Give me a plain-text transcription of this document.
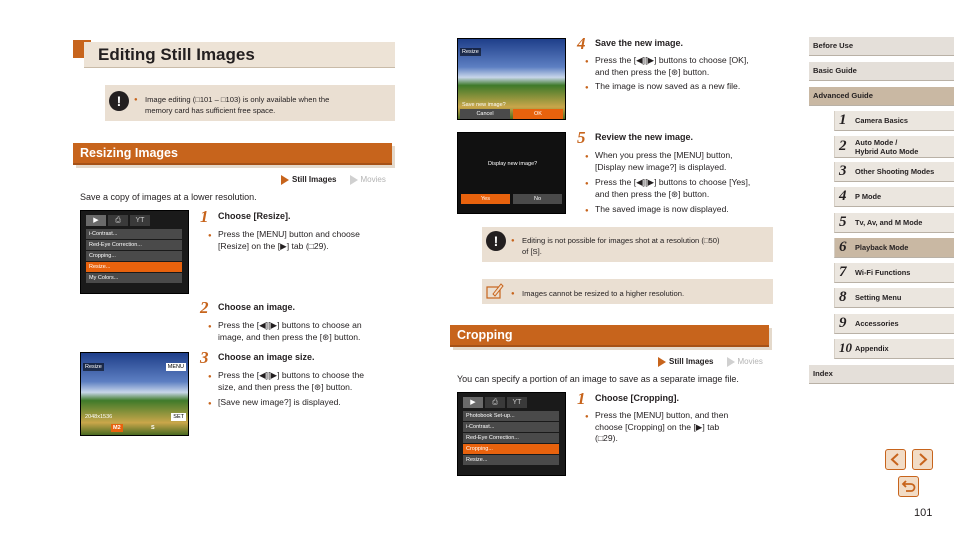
Editing Still Images
!	● Image editing (□101 – □103) is only available when the
memory card has sufficient free space.
Resizing Images
Still Images	Movies
Save a copy of images at a lower resolution.
▶	⎙	YT
i-Contrast...
Red-Eye Correction...
Cropping...
Resize...
My Colors...
1 Choose [Resize].
● Press the [MENU] button and choose
[Resize] on the [▶] tab (□29).
2 Choose an image.
● Press the [◀][▶] buttons to choose an
image, and then press the [⊛] button.
Resize	MENU
2048x1536	SET
M2	S
3 Choose an image size.
● Press the [◀][▶] buttons to choose the
size, and then press the [⊛] button.
● [Save new image?] is displayed.
Resize
Save new image?
Cancel	OK
4 Save the new image.
● Press the [◀][▶] buttons to choose [OK],
and then press the [⊛] button.
● The image is now saved as a new file.
Display new image?
Yes	No
5 Review the new image.
● When you press the [MENU] button,
[Display new image?] is displayed.
● Press the [◀][▶] buttons to choose [Yes],
and then press the [⊛] button.
● The saved image is now displayed.
!	● Editing is not possible for images shot at a resolution (□50)
of [S].
● Images cannot be resized to a higher resolution.
Cropping
Still Images	Movies
You can specify a portion of an image to save as a separate image file.
▶	⎙	YT
Photobook Set-up...
i-Contrast...
Red-Eye Correction...
Cropping...
Resize...
1 Choose [Cropping].
● Press the [MENU] button, and then
choose [Cropping] on the [▶] tab
(□29).
Before Use
Basic Guide
Advanced Guide
1 Camera Basics
2 Auto Mode /
Hybrid Auto Mode
3 Other Shooting Modes
4 P Mode
5 Tv, Av, and M Mode
6 Playback Mode
7 Wi-Fi Functions
8 Setting Menu
9 Accessories
10 Appendix
Index
101
